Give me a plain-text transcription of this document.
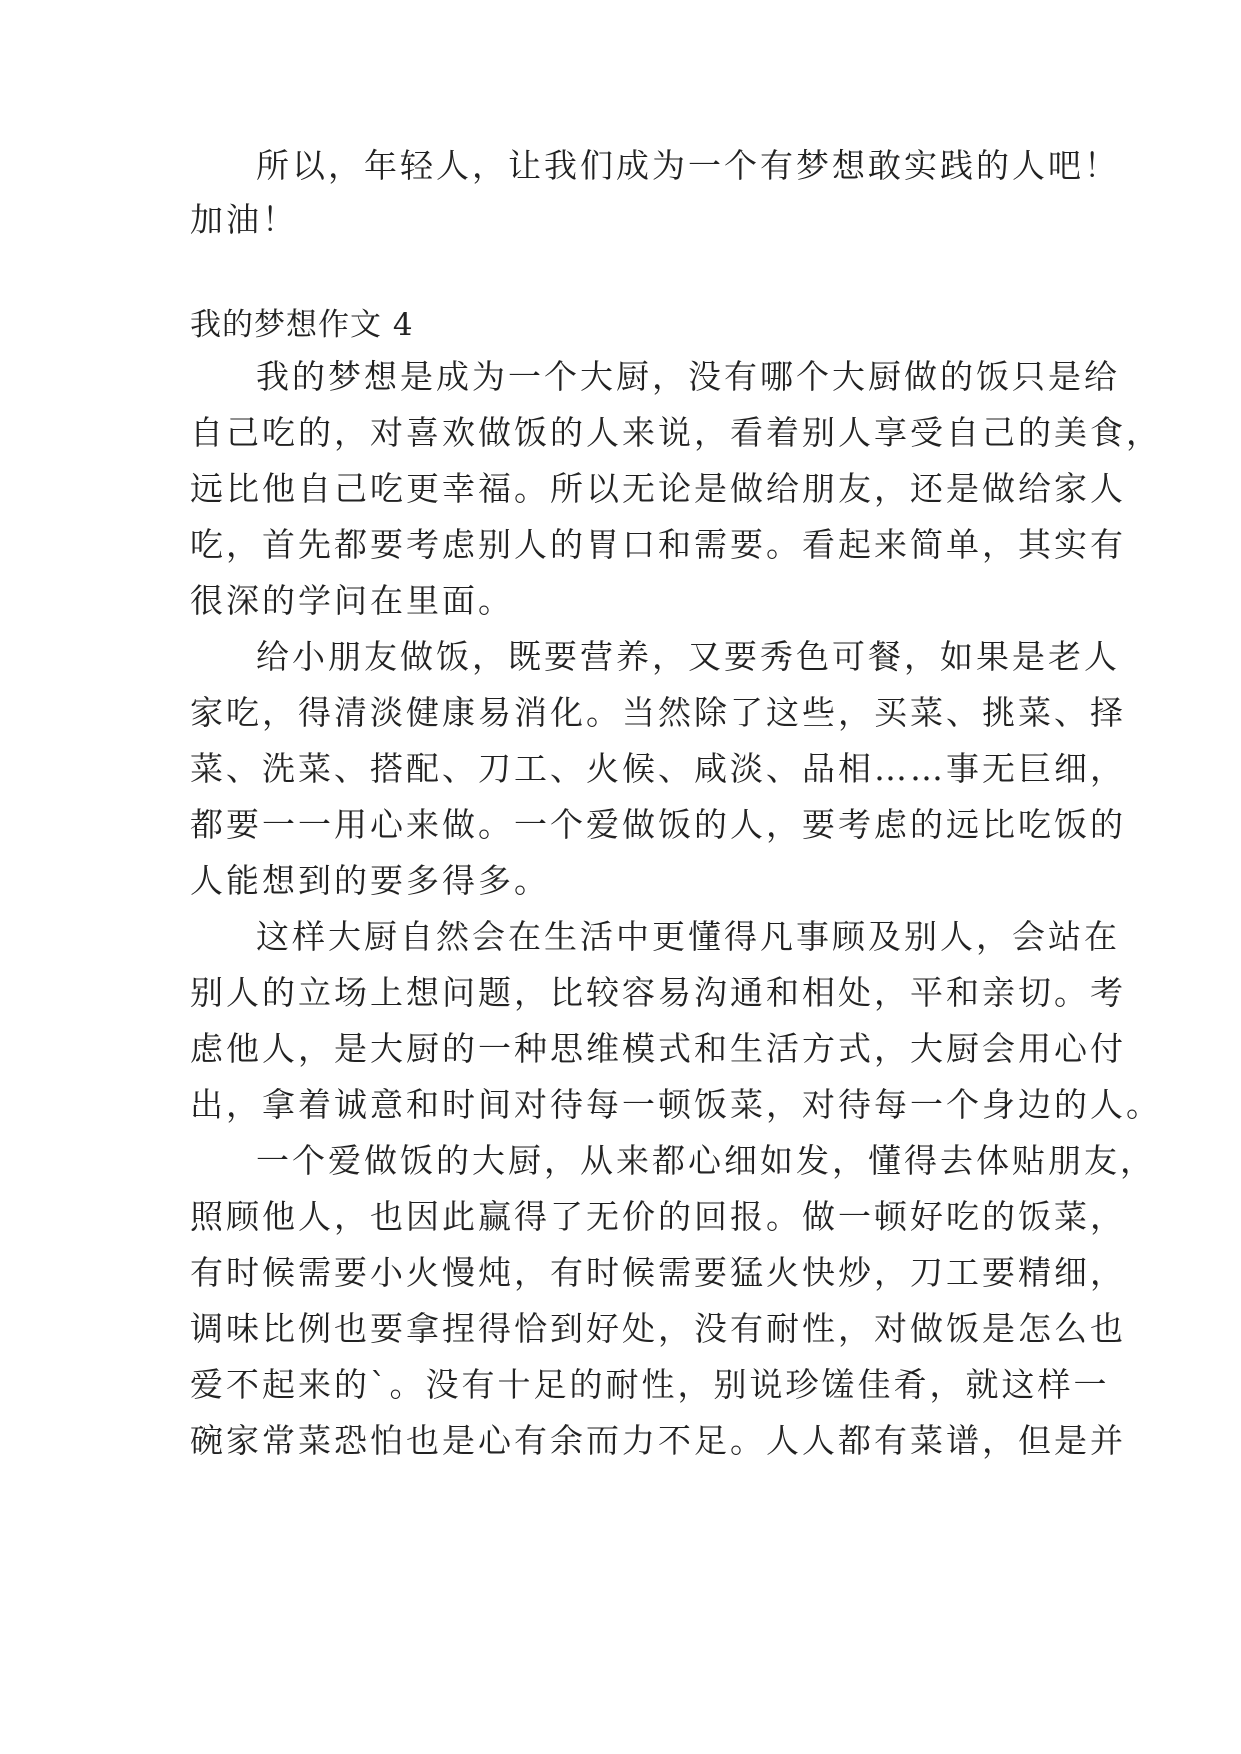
所以，年轻人，让我们成为一个有梦想敢实践的人吧！
加油！
我的梦想作文 4
我的梦想是成为一个大厨，没有哪个大厨做的饭只是给
自己吃的，对喜欢做饭的人来说，看着别人享受自己的美食，
远比他自己吃更幸福。所以无论是做给朋友，还是做给家人
吃，首先都要考虑别人的胃口和需要。看起来简单，其实有
很深的学问在里面。
给小朋友做饭，既要营养，又要秀色可餐，如果是老人
家吃，得清淡健康易消化。当然除了这些，买菜、挑菜、择
菜、洗菜、搭配、刀工、火候、咸淡、品相……事无巨细，
都要一一用心来做。一个爱做饭的人，要考虑的远比吃饭的
人能想到的要多得多。
这样大厨自然会在生活中更懂得凡事顾及别人，会站在
别人的立场上想问题，比较容易沟通和相处，平和亲切。考
虑他人，是大厨的一种思维模式和生活方式，大厨会用心付
出，拿着诚意和时间对待每一顿饭菜，对待每一个身边的人。
一个爱做饭的大厨，从来都心细如发，懂得去体贴朋友，
照顾他人，也因此赢得了无价的回报。做一顿好吃的饭菜，
有时候需要小火慢炖，有时候需要猛火快炒，刀工要精细，
调味比例也要拿捏得恰到好处，没有耐性，对做饭是怎么也
爱不起来的`。没有十足的耐性，别说珍馐佳肴，就这样一
碗家常菜恐怕也是心有余而力不足。人人都有菜谱，但是并
